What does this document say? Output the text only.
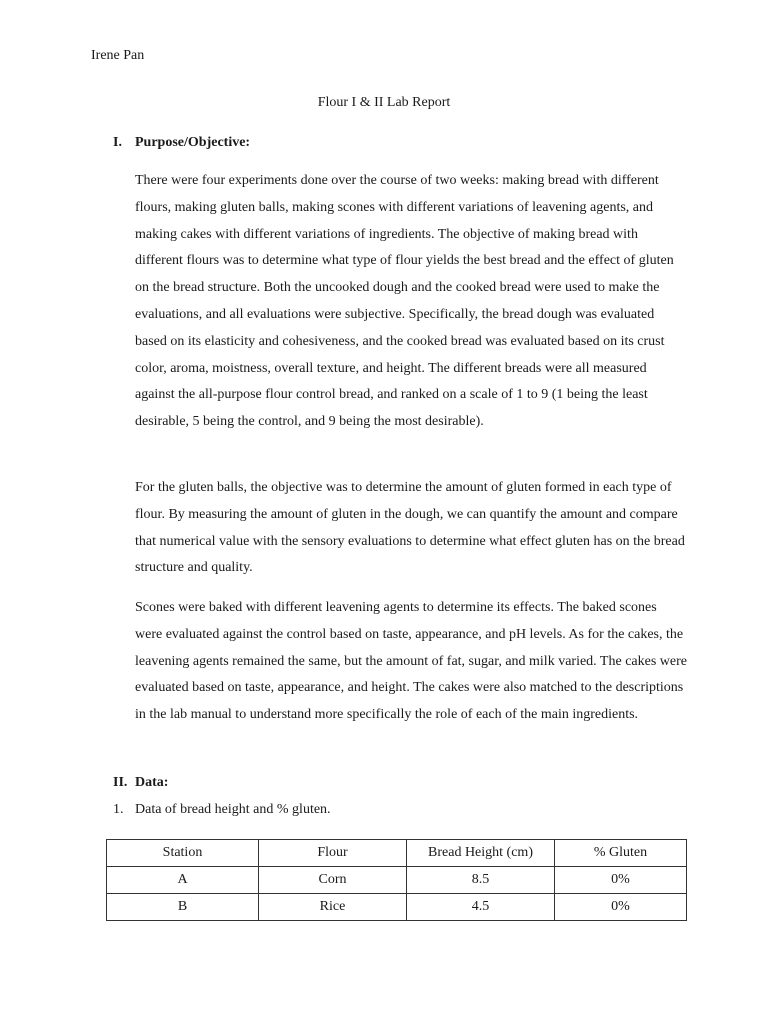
Irene Pan
Flour I & II Lab Report
I. Purpose/Objective:

There were four experiments done over the course of two weeks: making bread with different flours, making gluten balls, making scones with different variations of leavening agents, and making cakes with different variations of ingredients. The objective of making bread with different flours was to determine what type of flour yields the best bread and the effect of gluten on the bread structure. Both the uncooked dough and the cooked bread were used to make the evaluations, and all evaluations were subjective. Specifically, the bread dough was evaluated based on its elasticity and cohesiveness, and the cooked bread was evaluated based on its crust color, aroma, moistness, overall texture, and height. The different breads were all measured against the all-purpose flour control bread, and ranked on a scale of 1 to 9 (1 being the least desirable, 5 being the control, and 9 being the most desirable).

For the gluten balls, the objective was to determine the amount of gluten formed in each type of flour. By measuring the amount of gluten in the dough, we can quantify the amount and compare that numerical value with the sensory evaluations to determine what effect gluten has on the bread structure and quality.

Scones were baked with different leavening agents to determine its effects. The baked scones were evaluated against the control based on taste, appearance, and pH levels. As for the cakes, the leavening agents remained the same, but the amount of fat, sugar, and milk varied. The cakes were evaluated based on taste, appearance, and height. The cakes were also matched to the descriptions in the lab manual to understand more specifically the role of each of the main ingredients.

II. Data:
1. Data of bread height and % gluten.
Station	Flour	Bread Height (cm)	% Gluten
A	Corn	8.5	0%
B	Rice	4.5	0%
